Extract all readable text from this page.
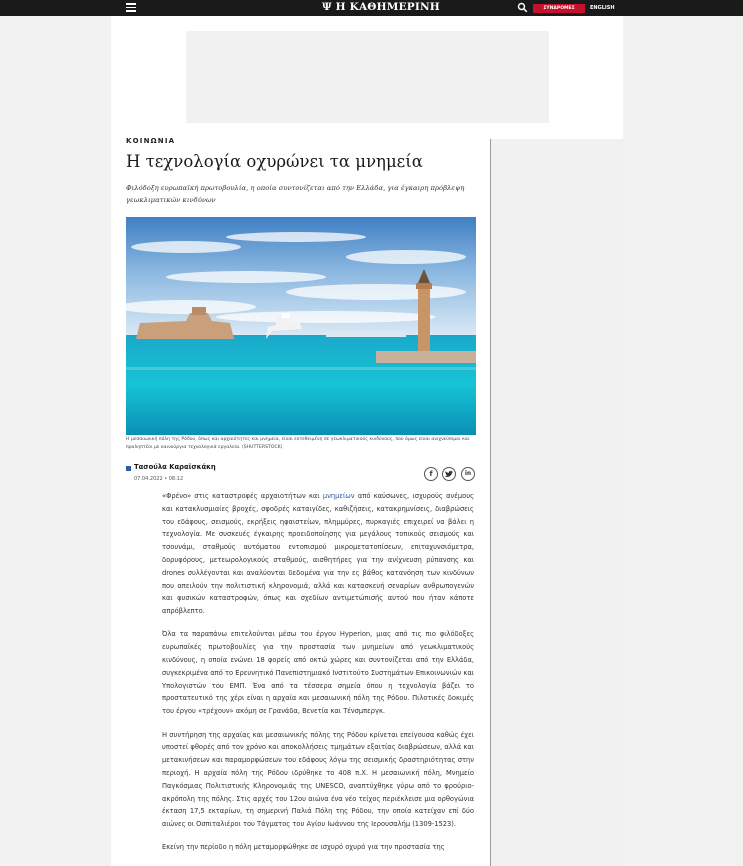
Ψ Η ΚΑΘΗΜΕΡΙΝΗ	ΣΥΝΔΡΟΜΕΣ	ENGLISH
ΚΟΙΝΩΝΙΑ
Η τεχνολογία οχυρώνει τα μνημεία
Φιλόδοξη ευρωπαϊκή πρωτοβουλία, η οποία συντονίζεται από την Ελλάδα, για έγκαιρη πρόβλεψη γεωκλιματικών κινδύνων
Η μεσαιωνική πόλη της Ρόδου, όπως και αρχαιότητες και μνημεία, είναι εκτεθειμένη σε γεωκλιματικούς κινδύνους, που όμως είναι ανιχνεύσιμοι και προληπτέοι με καινούργια τεχνολογικά εργαλεία. (SHUTTERSTOCK)
Τασούλα Καραϊσκάκη
07.04.2022 • 08:12
f	in

«Φρένο» στις καταστροφές αρχαιοτήτων και μνημείων από καύσωνες, ισχυρούς ανέμους και κατακλυσμιαίες βροχές, σφοδρές καταιγίδες, καθιζήσεις, κατακρημνίσεις, διαβρώσεις του εδάφους, σεισμούς, εκρήξεις ηφαιστείων, πλημμύρες, πυρκαγιές επιχειρεί να βάλει η τεχνολογία. Με συσκευές έγκαιρης προειδοποίησης για μεγάλους τοπικούς σεισμούς και τσουνάμι, σταθμούς αυτόματου εντοπισμού μικρομετατοπίσεων, επιταχυνσιόμετρα, δορυφόρους, μετεωρολογικούς σταθμούς, αισθητήρες για την ανίχνευση ρύπανσης και drones συλλέγονται και αναλύονται δεδομένα για την ες βάθος κατανόηση των κινδύνων που απειλούν την πολιτιστική κληρονομιά, αλλά και κατασκευή σεναρίων ανθρωπογενών και φυσικών καταστροφών, όπως και σχεδίων αντιμετώπισής αυτού που ήταν κάποτε απρόβλεπτο.

Όλα τα παραπάνω επιτελούνται μέσω του έργου Hyperion, μιας από τις πιο φιλόδοξες ευρωπαϊκές πρωτοβουλίες για την προστασία των μνημείων από γεωκλιματικούς κινδύνους, η οποία ενώνει 18 φορείς από οκτώ χώρες και συντονίζεται από την Ελλάδα, συγκεκριμένα από το Ερευνητικό Πανεπιστημιακό Ινστιτούτο Συστημάτων Επικοινωνιών και Υπολογιστών του ΕΜΠ. Ένα από τα τέσσερα σημεία όπου η τεχνολογία βάζει το προστατευτικό της χέρι είναι η αρχαία και μεσαιωνική πόλη της Ρόδου. Πιλοτικές δοκιμές του έργου «τρέχουν» ακόμη σε Γρανάδα, Βενετία και Τένσμπεργκ.

Η συντήρηση της αρχαίας και μεσαιωνικής πόλης της Ρόδου κρίνεται επείγουσα καθώς έχει υποστεί φθορές από τον χρόνο και αποκολλήσεις τμημάτων εξαιτίας διαβρώσεων, αλλά και μετακινήσεων και παραμορφώσεων του εδάφους λόγω της σεισμικής δραστηριότητας στην περιοχή. Η αρχαία πόλη της Ρόδου ιδρύθηκε το 408 π.Χ. Η μεσαιωνική πόλη, Μνημείο Παγκόσμιας Πολιτιστικής Κληρονομιάς της UNESCO, αναπτύχθηκε γύρω από το φρούριο-ακρόπολη της πόλης. Στις αρχές του 12ου αιώνα ένα νέο τείχος περιέκλεισε μια ορθογώνια έκταση 17,5 εκταρίων, τη σημερινή Παλιά Πόλη της Ρόδου, την οποία κατείχαν επί δύο αιώνες οι Οσπιταλιέροι του Τάγματος του Αγίου Ιωάννου της Ιερουσαλήμ (1309-1523).

Εκείνη την περίοδο η πόλη μεταμορφώθηκε σε ισχυρό οχυρό για την προστασία της
